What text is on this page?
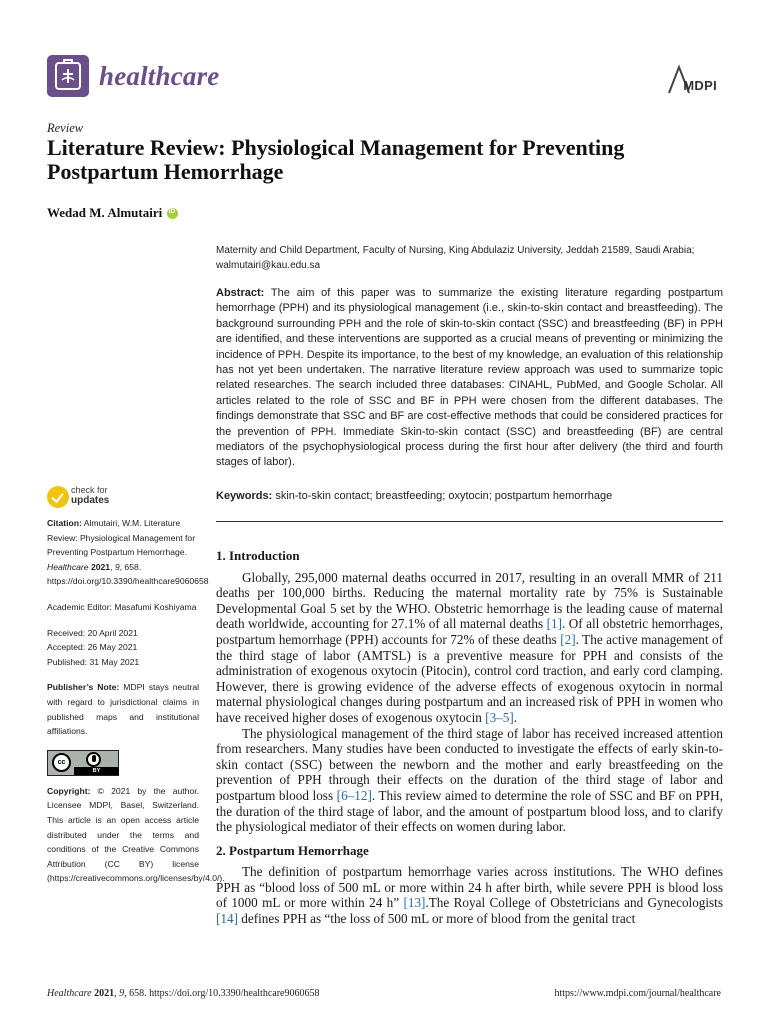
healthcare	MDPI
Review
Literature Review: Physiological Management for Preventing Postpartum Hemorrhage
Wedad M. Almutairi
iD
Maternity and Child Department, Faculty of Nursing, King Abdulaziz University, Jeddah 21589, Saudi Arabia; walmutairi@kau.edu.sa
Abstract: The aim of this paper was to summarize the existing literature regarding postpartum hemorrhage (PPH) and its physiological management (i.e., skin-to-skin contact and breastfeeding). The background surrounding PPH and the role of skin-to-skin contact (SSC) and breastfeeding (BF) in PPH are identified, and these interventions are supported as a crucial means of preventing or minimizing the incidence of PPH. Despite its importance, to the best of my knowledge, an evaluation of this relationship has not yet been undertaken. The narrative literature review approach was used to summarize topic related researches. The search included three databases: CINAHL, PubMed, and Google Scholar. All articles related to the role of SSC and BF in PPH were chosen from the different databases. The findings demonstrate that SSC and BF are cost-effective methods that could be considered practices for the prevention of PPH. Immediate Skin-to-skin contact (SSC) and breastfeeding (BF) are central mediators of the psychophysiological process during the first hour after delivery (the third and fourth stages of labor).
Keywords: skin-to-skin contact; breastfeeding; oxytocin; postpartum hemorrhage
check for
updates

Citation: Almutairi, W.M. Literature Review: Physiological Management for Preventing Postpartum Hemorrhage. Healthcare 2021, 9, 658. https://doi.org/10.3390/healthcare9060658

Academic Editor: Masafumi Koshiyama

Received: 20 April 2021
Accepted: 26 May 2021
Published: 31 May 2021

Publisher’s Note: MDPI stays neutral with regard to jurisdictional claims in published maps and institutional affiliations.

cc
BY

Copyright: © 2021 by the author. Licensee MDPI, Basel, Switzerland. This article is an open access article distributed under the terms and conditions of the Creative Commons Attribution (CC BY) license (https://creativecommons.org/licenses/by/4.0/).

1. Introduction

Globally, 295,000 maternal deaths occurred in 2017, resulting in an overall MMR of 211 deaths per 100,000 births. Reducing the maternal mortality rate by 75% is Sustainable Developmental Goal 5 set by the WHO. Obstetric hemorrhage is the leading cause of maternal death worldwide, accounting for 27.1% of all maternal deaths [1]. Of all obstetric hemorrhages, postpartum hemorrhage (PPH) accounts for 72% of these deaths [2]. The active management of the third stage of labor (AMTSL) is a preventive measure for PPH and consists of the administration of exogenous oxytocin (Pitocin), control cord traction, and early cord clamping. However, there is growing evidence of the adverse effects of exogenous oxytocin in normal maternal physiological changes during postpartum and an increased risk of PPH in women who have received higher doses of exogenous oxytocin [3–5].

The physiological management of the third stage of labor has received increased attention from researchers. Many studies have been conducted to investigate the effects of early skin-to-skin contact (SSC) between the newborn and the mother and early breastfeeding on the prevention of PPH through their effects on the duration of the third stage of labor and postpartum blood loss [6–12]. This review aimed to determine the role of SSC and BF on PPH, the duration of the third stage of labor, and the amount of postpartum blood loss, and to clarify the physiological mediator of their effects on women during labor.

2. Postpartum Hemorrhage

The definition of postpartum hemorrhage varies across institutions. The WHO defines PPH as “blood loss of 500 mL or more within 24 h after birth, while severe PPH is blood loss of 1000 mL or more within 24 h” [13].The Royal College of Obstetricians and Gynecologists [14] defines PPH as “the loss of 500 mL or more of blood from the genital tract

Healthcare 2021, 9, 658. https://doi.org/10.3390/healthcare9060658	https://www.mdpi.com/journal/healthcare
